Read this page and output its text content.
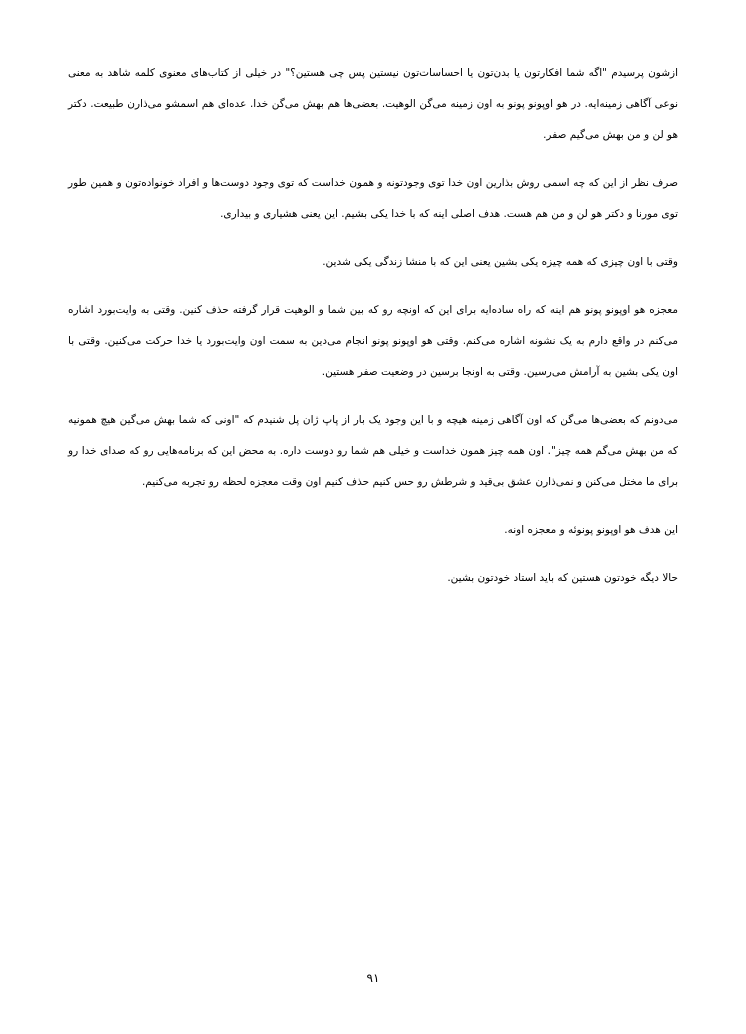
ازشون پرسیدم "اگه شما افکارتون یا بدن‌تون یا احساسات‌تون نیستین پس چی هستین؟" در خیلی از کتاب‌های معنوی کلمه شاهد به معنی نوعی آگاهی زمینه‌ایه. در هو اوپونو پونو به اون زمینه می‌گن الوهیت. بعضی‌ها هم بهش می‌گن خدا. عده‌ای هم اسمشو می‌ذارن طبیعت. دکتر هو لن و من بهش می‌گیم صفر.

صرف نظر از این که چه اسمی روش بذارین اون خدا توی وجودتونه و همون خداست که توی وجود دوست‌ها و افراد خونواده‌تون و همین طور توی مورنا و دکتر هو لن و من هم هست. هدف اصلی اینه که با خدا یکی بشیم. این یعنی هشیاری و بیداری.

وقتی با اون چیزی که همه چیزه یکی بشین یعنی این که با منشا زندگی یکی شدین.

معجزه هو اوپونو پونو هم اینه که راه ساده‌ایه برای این که اونچه رو که بین شما و الوهیت قرار گرفته حذف کنین. وقتی به وایت‌بورد اشاره می‌کنم در واقع دارم به یک نشونه اشاره می‌کنم. وقتی هو اوپونو پونو انجام می‌دین به سمت اون وایت‌بورد یا خدا حرکت می‌کنین. وقتی با اون یکی بشین به آرامش می‌رسین. وقتی به اونجا برسین در وضعیت صفر هستین.

می‌دونم که بعضی‌ها می‌گن که اون آگاهی زمینه هیچه و با این وجود یک بار از پاپ ژان پل شنیدم که "اونی که شما بهش می‌گین هیچ همونیه که من بهش می‌گم همه چیز". اون همه چیز همون خداست و خیلی هم شما رو دوست داره. به محض این که برنامه‌هایی رو که صدای خدا رو برای ما مختل می‌کنن و نمی‌ذارن عشق بی‌قید و شرطش رو حس کنیم حذف کنیم اون وقت معجزه لحظه رو تجربه می‌کنیم.

این هدف هو اوپونو پونوئه و معجزه اونه.

حالا دیگه خودتون هستین که باید استاد خودتون بشین.

۹۱
